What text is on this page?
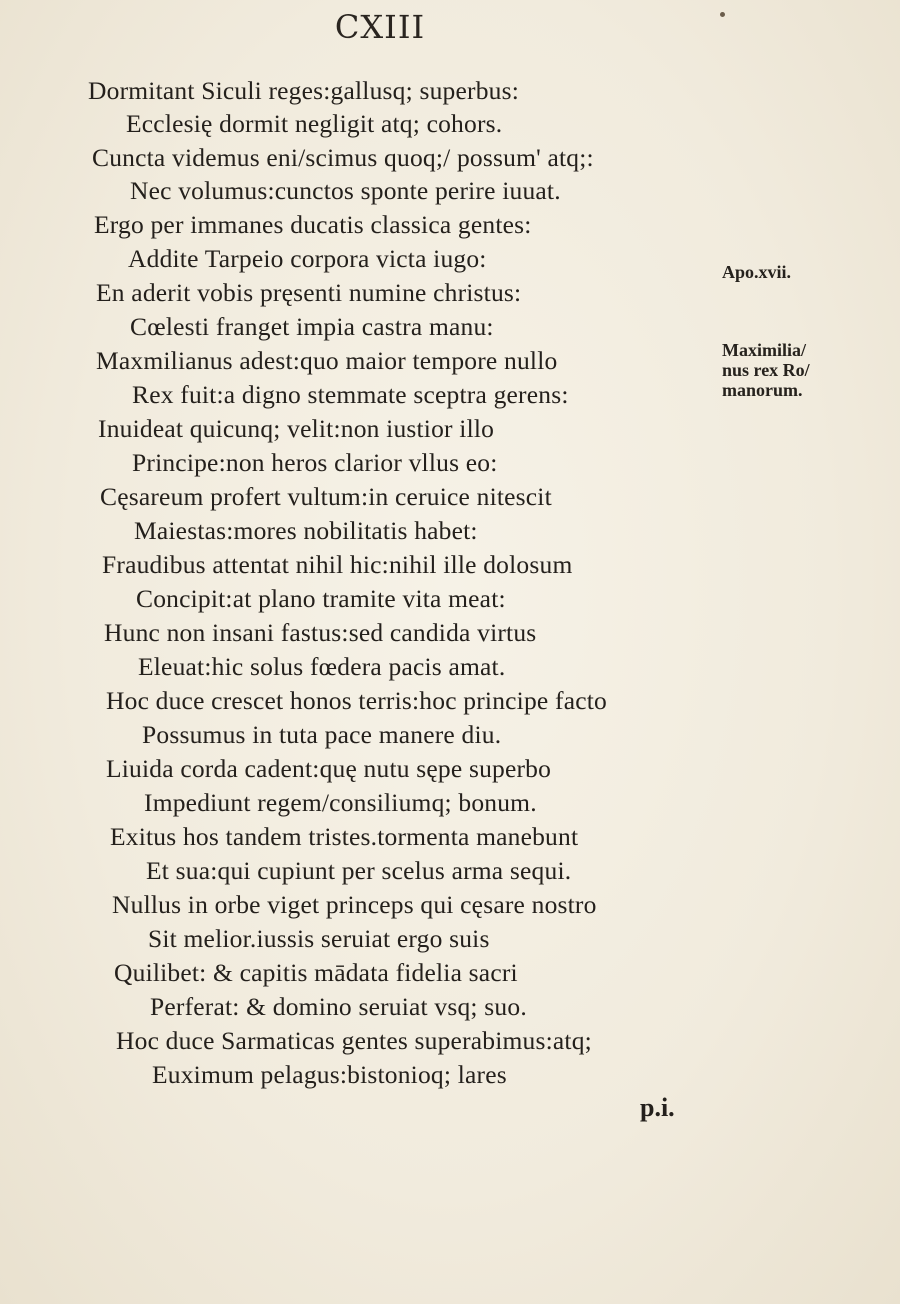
CXIII
Dormitant Siculi reges:gallusq; superbus:
Ecclesię dormit negligit atq; cohors.
Cuncta videmus eni/scimus quoq;/ possum' atq;:
Nec volumus:cunctos sponte perire iuuat.
Ergo per immanes ducatis classica gentes:
Addite Tarpeio corpora victa iugo:
En aderit vobis pręsenti numine christus:
Cœlesti franget impia castra manu:
Maxmilianus adest:quo maior tempore nullo
Rex fuit:a digno stemmate sceptra gerens:
Inuideat quicunq; velit:non iustior illo
Principe:non heros clarior vllus eo:
Cęsareum profert vultum:in ceruice nitescit
Maiestas:mores nobilitatis habet:
Fraudibus attentat nihil hic:nihil ille dolosum
Concipit:at plano tramite vita meat:
Hunc non insani fastus:sed candida virtus
Eleuat:hic solus fœdera pacis amat.
Hoc duce crescet honos terris:hoc principe facto
Possumus in tuta pace manere diu.
Liuida corda cadent:quę nutu sępe superbo
Impediunt regem/consiliumq; bonum.
Exitus hos tandem tristes.tormenta manebunt
Et sua:qui cupiunt per scelus arma sequi.
Nullus in orbe viget princeps qui cęsare nostro
Sit melior.iussis seruiat ergo suis
Quilibet: & capitis mādata fidelia sacri
Perferat: & domino seruiat vsq; suo.
Hoc duce Sarmaticas gentes superabimus:atq;
Euximum pelagus:bistonioq; lares
Apo.xvii.
Maximilia/
nus rex Ro/
manorum.
p.i.
